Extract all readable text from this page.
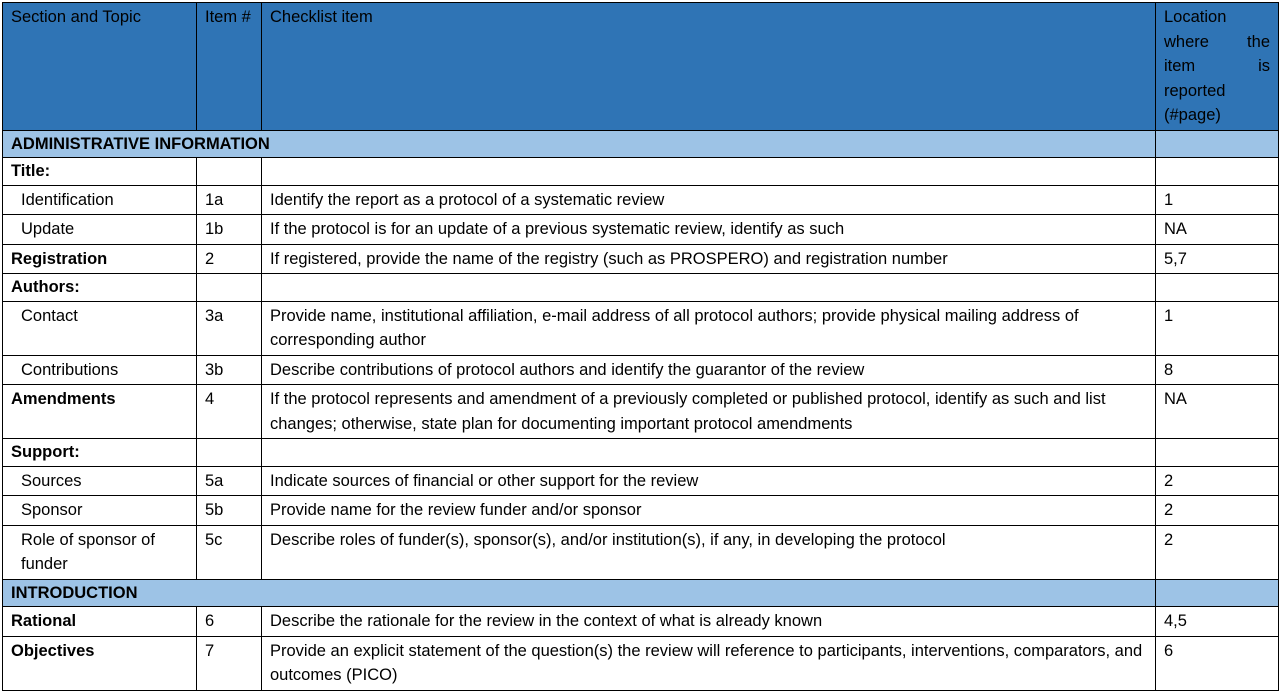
Section and Topic	Item #	Checklist item	Location where the item is reported (#page)

ADMINISTRATIVE INFORMATION			
Title:			
Identification	1a	Identify the report as a protocol of a systematic review	1
Update	1b	If the protocol is for an update of a previous systematic review, identify as such	NA
Registration	2	If registered, provide the name of the registry (such as PROSPERO) and registration number	5,7
Authors:			
Contact	3a	Provide name, institutional affiliation, e-mail address of all protocol authors; provide physical mailing address of corresponding author	1
Contributions	3b	Describe contributions of protocol authors and identify the guarantor of the review	8
Amendments	4	If the protocol represents and amendment of a previously completed or published protocol, identify as such and list changes; otherwise, state plan for documenting important protocol amendments	NA
Support:			
Sources	5a	Indicate sources of financial or other support for the review	2
Sponsor	5b	Provide name for the review funder and/or sponsor	2
Role of sponsor of funder	5c	Describe roles of funder(s), sponsor(s), and/or institution(s), if any, in developing the protocol	2
INTRODUCTION			
Rational	6	Describe the rationale for the review in the context of what is already known	4,5
Objectives	7	Provide an explicit statement of the question(s) the review will reference to participants, interventions, comparators, and outcomes (PICO)	6
